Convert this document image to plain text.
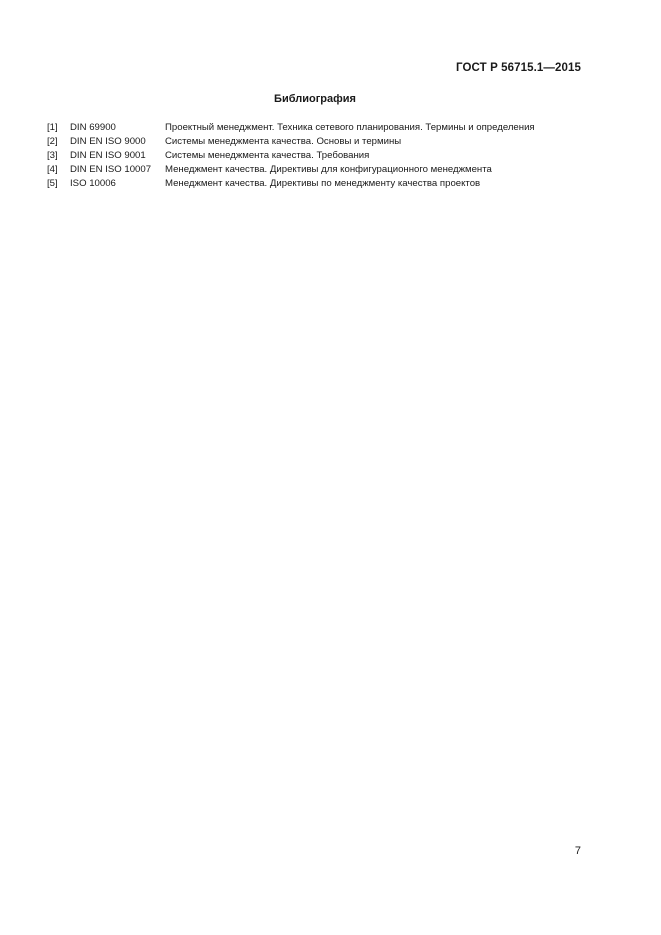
ГОСТ Р 56715.1—2015
Библиография
[1]	DIN 69900	Проектный менеджмент. Техника сетевого планирования. Термины и определения
[2]	DIN EN ISO 9000	Системы менеджмента качества. Основы и термины
[3]	DIN EN ISO 9001	Системы менеджмента качества. Требования
[4]	DIN EN ISO 10007	Менеджмент качества. Директивы для конфигурационного менеджмента
[5]	ISO 10006	Менеджмент качества. Директивы по менеджменту качества проектов
7
